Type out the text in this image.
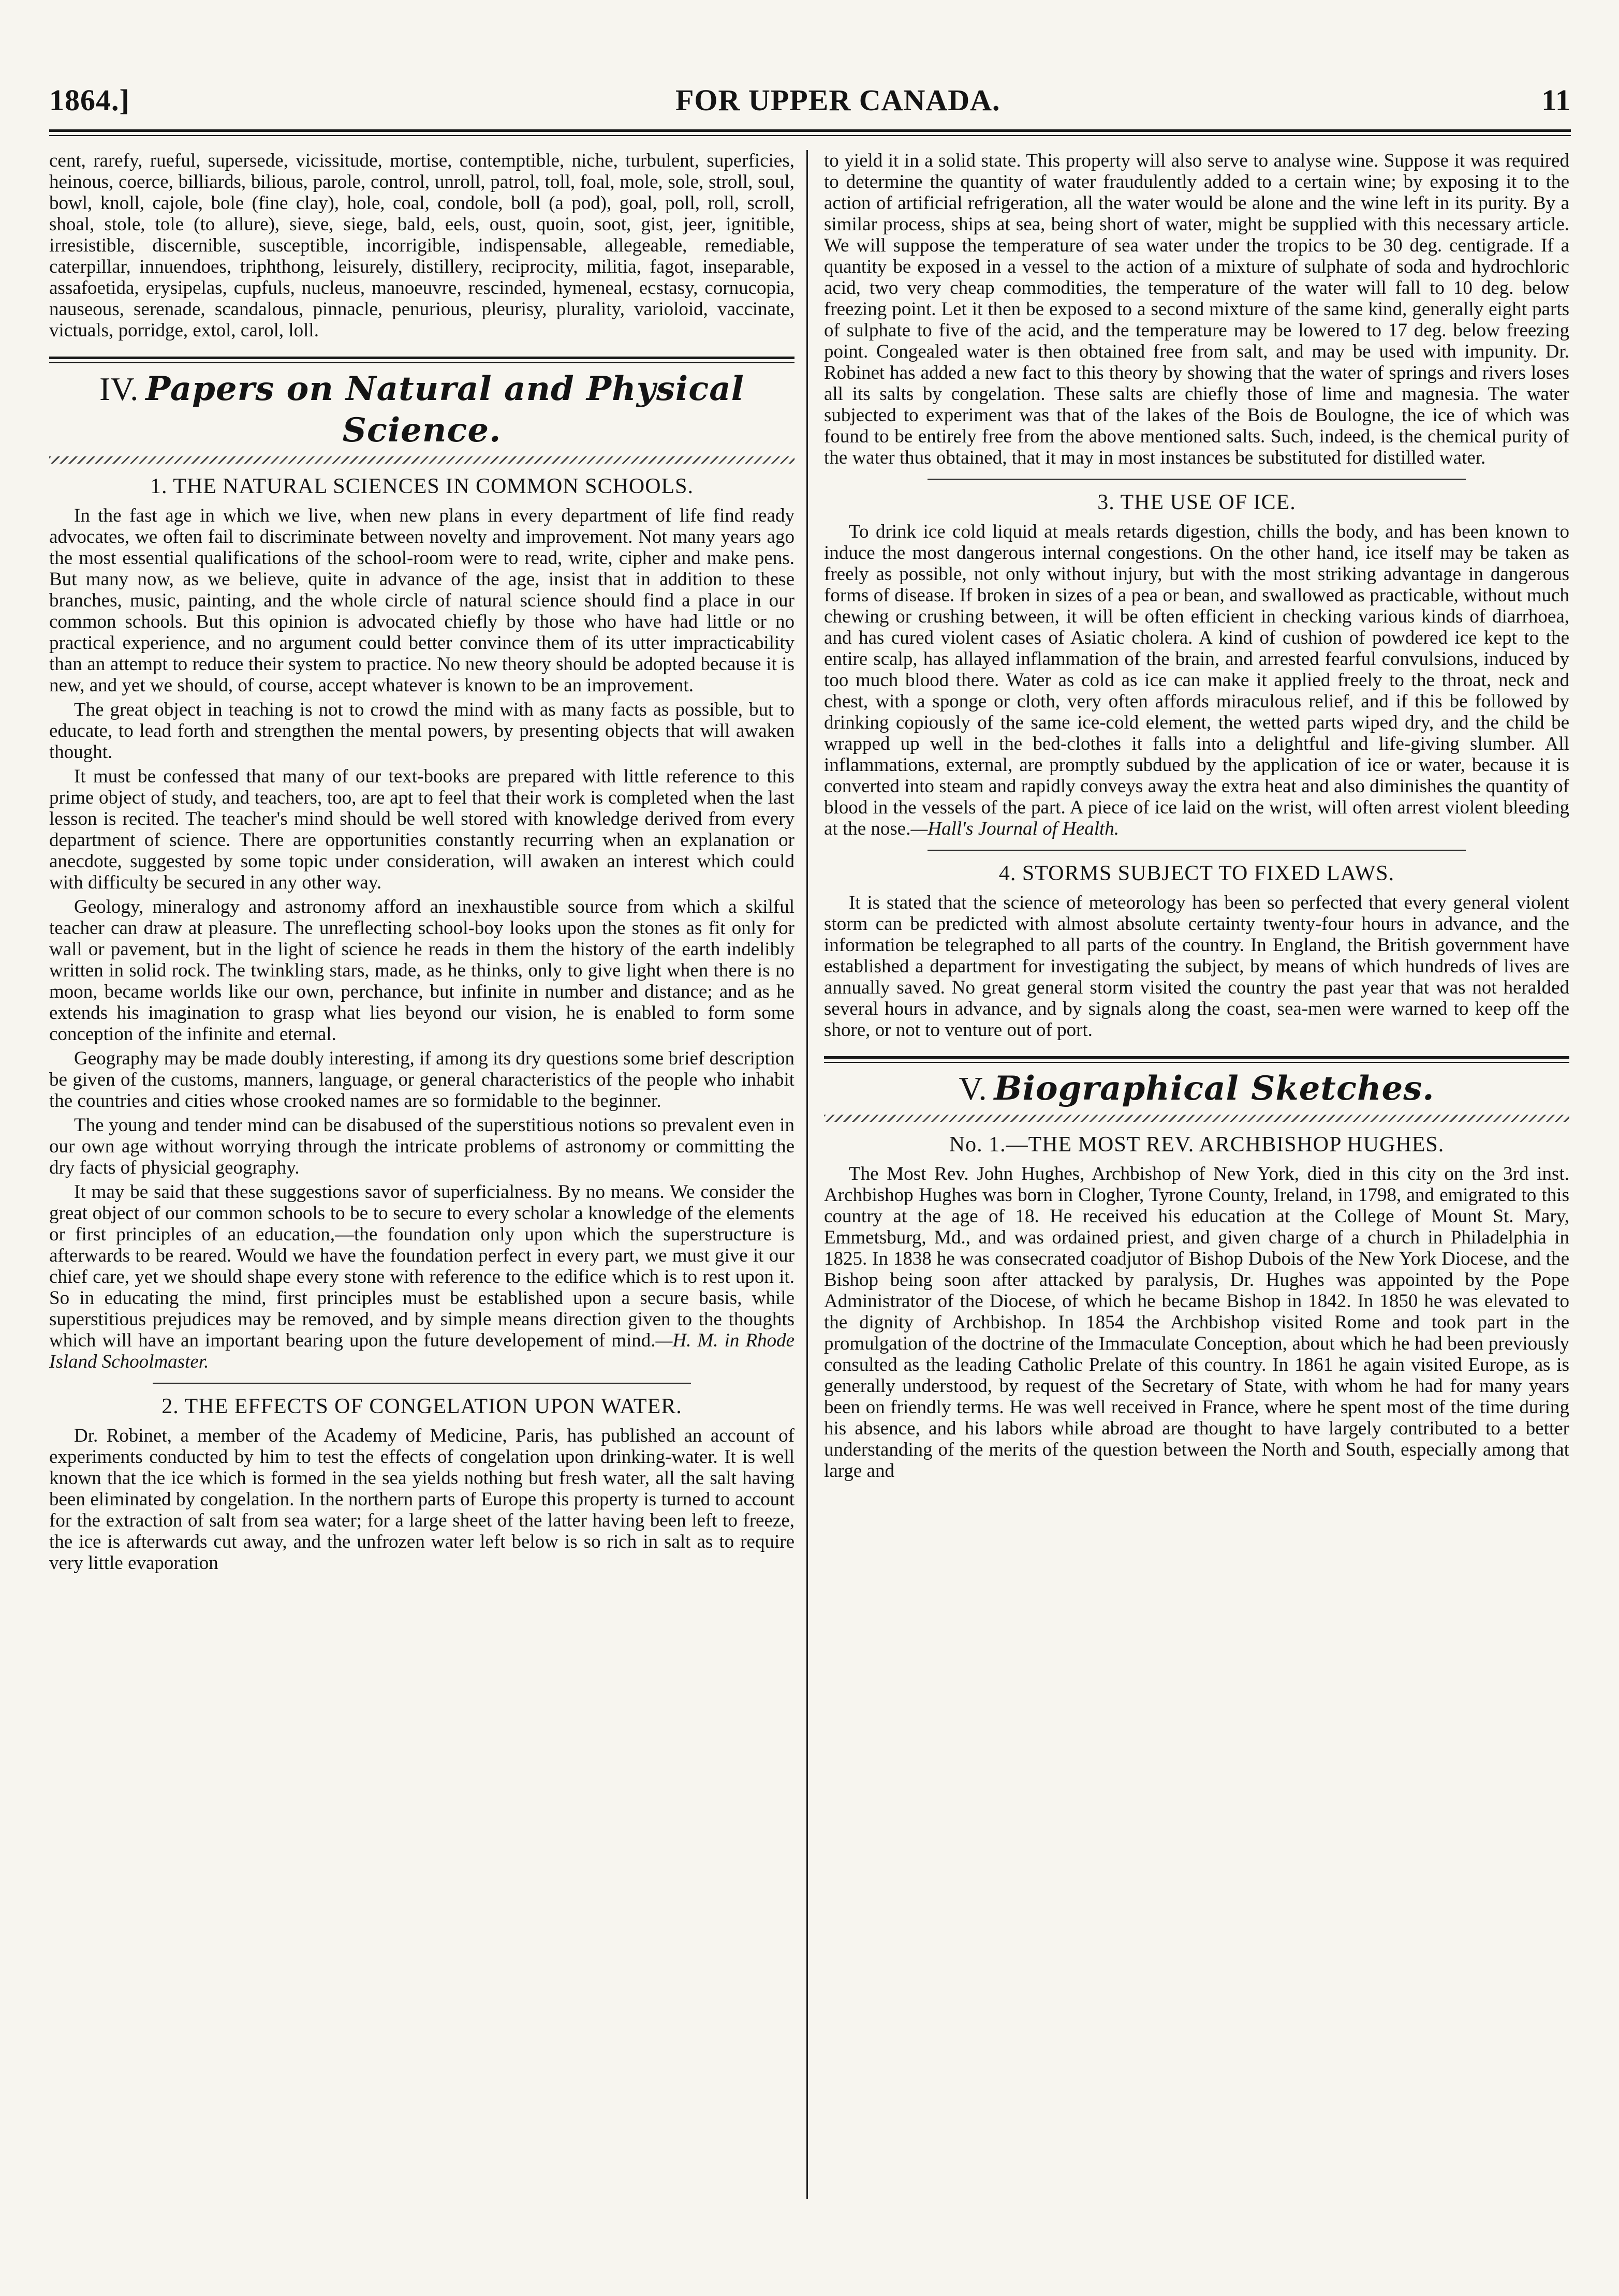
1864.]	FOR UPPER CANADA.	11

cent, rarefy, rueful, supersede, vicissitude, mortise, contemptible, niche, turbulent, superficies, heinous, coerce, billiards, bilious, parole, control, unroll, patrol, toll, foal, mole, sole, stroll, soul, bowl, knoll, cajole, bole (fine clay), hole, coal, condole, boll (a pod), goal, poll, roll, scroll, shoal, stole, tole (to allure), sieve, siege, bald, eels, oust, quoin, soot, gist, jeer, ignitible, irresistible, discernible, susceptible, incorrigible, indispensable, allegeable, remediable, caterpillar, innuendoes, triphthong, leisurely, distillery, reciprocity, militia, fagot, inseparable, assafoetida, erysipelas, cupfuls, nucleus, manoeuvre, rescinded, hymeneal, ecstasy, cornucopia, nauseous, serenade, scandalous, pinnacle, penurious, pleurisy, plurality, varioloid, vaccinate, victuals, porridge, extol, carol, loll.

IV. Papers on Natural and Physical Science.
1. THE NATURAL SCIENCES IN COMMON SCHOOLS.

In the fast age in which we live, when new plans in every department of life find ready advocates, we often fail to discriminate between novelty and improvement. Not many years ago the most essential qualifications of the school-room were to read, write, cipher and make pens. But many now, as we believe, quite in advance of the age, insist that in addition to these branches, music, painting, and the whole circle of natural science should find a place in our common schools. But this opinion is advocated chiefly by those who have had little or no practical experience, and no argument could better convince them of its utter impracticability than an attempt to reduce their system to practice. No new theory should be adopted because it is new, and yet we should, of course, accept whatever is known to be an improvement.

The great object in teaching is not to crowd the mind with as many facts as possible, but to educate, to lead forth and strengthen the mental powers, by presenting objects that will awaken thought.

It must be confessed that many of our text-books are prepared with little reference to this prime object of study, and teachers, too, are apt to feel that their work is completed when the last lesson is recited. The teacher's mind should be well stored with knowledge derived from every department of science. There are opportunities constantly recurring when an explanation or anecdote, suggested by some topic under consideration, will awaken an interest which could with difficulty be secured in any other way.

Geology, mineralogy and astronomy afford an inexhaustible source from which a skilful teacher can draw at pleasure. The unreflecting school-boy looks upon the stones as fit only for wall or pavement, but in the light of science he reads in them the history of the earth indelibly written in solid rock. The twinkling stars, made, as he thinks, only to give light when there is no moon, became worlds like our own, perchance, but infinite in number and distance; and as he extends his imagination to grasp what lies beyond our vision, he is enabled to form some conception of the infinite and eternal.

Geography may be made doubly interesting, if among its dry questions some brief description be given of the customs, manners, language, or general characteristics of the people who inhabit the countries and cities whose crooked names are so formidable to the beginner.

The young and tender mind can be disabused of the superstitious notions so prevalent even in our own age without worrying through the intricate problems of astronomy or committing the dry facts of physicial geography.

It may be said that these suggestions savor of superficialness. By no means. We consider the great object of our common schools to be to secure to every scholar a knowledge of the elements or first principles of an education,—the foundation only upon which the superstructure is afterwards to be reared. Would we have the foundation perfect in every part, we must give it our chief care, yet we should shape every stone with reference to the edifice which is to rest upon it. So in educating the mind, first principles must be established upon a secure basis, while superstitious prejudices may be removed, and by simple means direction given to the thoughts which will have an important bearing upon the future developement of mind.—H. M. in Rhode Island Schoolmaster.

2. THE EFFECTS OF CONGELATION UPON WATER.

Dr. Robinet, a member of the Academy of Medicine, Paris, has published an account of experiments conducted by him to test the effects of congelation upon drinking-water. It is well known that the ice which is formed in the sea yields nothing but fresh water, all the salt having been eliminated by congelation. In the northern parts of Europe this property is turned to account for the extraction of salt from sea water; for a large sheet of the latter having been left to freeze, the ice is afterwards cut away, and the unfrozen water left below is so rich in salt as to require very little evaporation

to yield it in a solid state. This property will also serve to analyse wine. Suppose it was required to determine the quantity of water fraudulently added to a certain wine; by exposing it to the action of artificial refrigeration, all the water would be alone and the wine left in its purity. By a similar process, ships at sea, being short of water, might be supplied with this necessary article. We will suppose the temperature of sea water under the tropics to be 30 deg. centigrade. If a quantity be exposed in a vessel to the action of a mixture of sulphate of soda and hydrochloric acid, two very cheap commodities, the temperature of the water will fall to 10 deg. below freezing point. Let it then be exposed to a second mixture of the same kind, generally eight parts of sulphate to five of the acid, and the temperature may be lowered to 17 deg. below freezing point. Congealed water is then obtained free from salt, and may be used with impunity. Dr. Robinet has added a new fact to this theory by showing that the water of springs and rivers loses all its salts by congelation. These salts are chiefly those of lime and magnesia. The water subjected to experiment was that of the lakes of the Bois de Boulogne, the ice of which was found to be entirely free from the above mentioned salts. Such, indeed, is the chemical purity of the water thus obtained, that it may in most instances be substituted for distilled water.

3. THE USE OF ICE.

To drink ice cold liquid at meals retards digestion, chills the body, and has been known to induce the most dangerous internal congestions. On the other hand, ice itself may be taken as freely as possible, not only without injury, but with the most striking advantage in dangerous forms of disease. If broken in sizes of a pea or bean, and swallowed as practicable, without much chewing or crushing between, it will be often efficient in checking various kinds of diarrhoea, and has cured violent cases of Asiatic cholera. A kind of cushion of powdered ice kept to the entire scalp, has allayed inflammation of the brain, and arrested fearful convulsions, induced by too much blood there. Water as cold as ice can make it applied freely to the throat, neck and chest, with a sponge or cloth, very often affords miraculous relief, and if this be followed by drinking copiously of the same ice-cold element, the wetted parts wiped dry, and the child be wrapped up well in the bed-clothes it falls into a delightful and life-giving slumber. All inflammations, external, are promptly subdued by the application of ice or water, because it is converted into steam and rapidly conveys away the extra heat and also diminishes the quantity of blood in the vessels of the part. A piece of ice laid on the wrist, will often arrest violent bleeding at the nose.—Hall's Journal of Health.

4. STORMS SUBJECT TO FIXED LAWS.

It is stated that the science of meteorology has been so perfected that every general violent storm can be predicted with almost absolute certainty twenty-four hours in advance, and the information be telegraphed to all parts of the country. In England, the British government have established a department for investigating the subject, by means of which hundreds of lives are annually saved. No great general storm visited the country the past year that was not heralded several hours in advance, and by signals along the coast, sea-men were warned to keep off the shore, or not to venture out of port.

V. Biographical Sketches.
No. 1.—THE MOST REV. ARCHBISHOP HUGHES.

The Most Rev. John Hughes, Archbishop of New York, died in this city on the 3rd inst. Archbishop Hughes was born in Clogher, Tyrone County, Ireland, in 1798, and emigrated to this country at the age of 18. He received his education at the College of Mount St. Mary, Emmetsburg, Md., and was ordained priest, and given charge of a church in Philadelphia in 1825. In 1838 he was consecrated coadjutor of Bishop Dubois of the New York Diocese, and the Bishop being soon after attacked by paralysis, Dr. Hughes was appointed by the Pope Administrator of the Diocese, of which he became Bishop in 1842. In 1850 he was elevated to the dignity of Archbishop. In 1854 the Archbishop visited Rome and took part in the promulgation of the doctrine of the Immaculate Conception, about which he had been previously consulted as the leading Catholic Prelate of this country. In 1861 he again visited Europe, as is generally understood, by request of the Secretary of State, with whom he had for many years been on friendly terms. He was well received in France, where he spent most of the time during his absence, and his labors while abroad are thought to have largely contributed to a better understanding of the merits of the question between the North and South, especially among that large and
